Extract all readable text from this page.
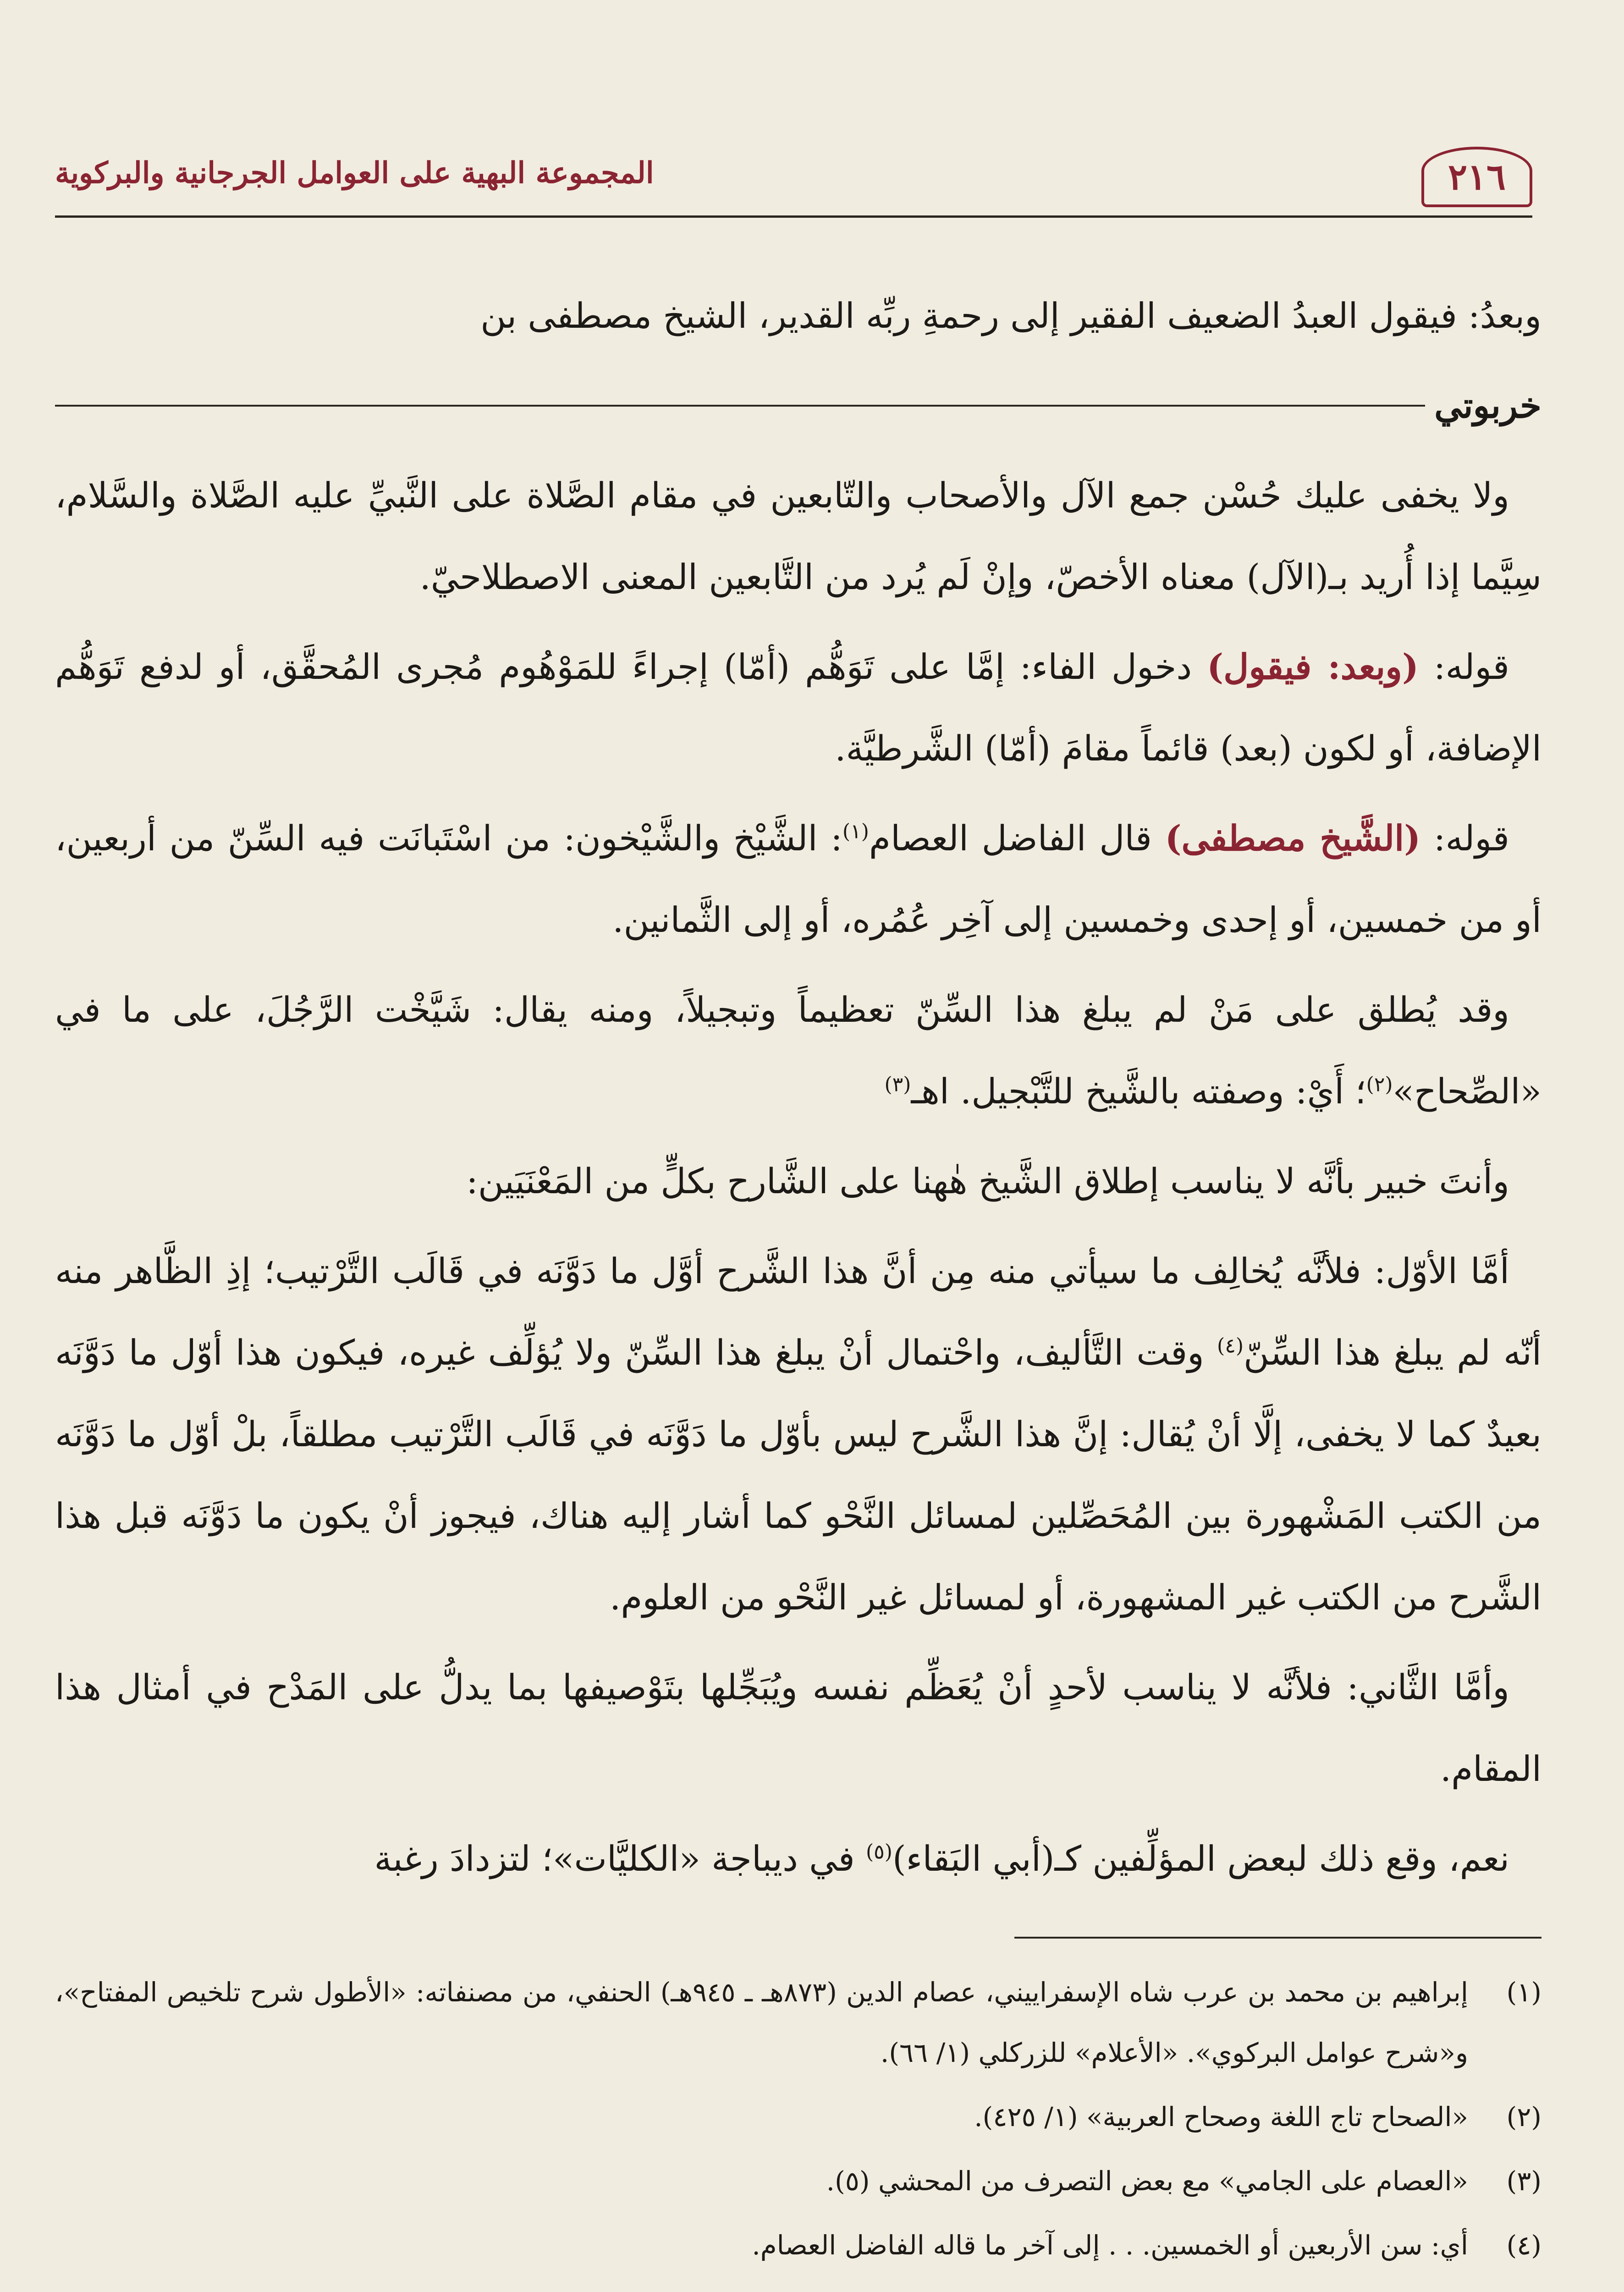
٢١٦
المجموعة البهية على العوامل الجرجانية والبركوية

وبعدُ: فيقول العبدُ الضعيف الفقير إلى رحمةِ ربِّه القدير، الشيخ مصطفى بن

خربوتي

ولا يخفى عليك حُسْن جمع الآل والأصحاب والتّابعين في مقام الصَّلاة على النَّبيِّ عليه الصَّلاة والسَّلام، سِيَّما إذا أُريد بـ(الآل) معناه الأخصّ، وإنْ لَم يُرد من التَّابعين المعنى الاصطلاحيّ.

قوله: (وبعد: فيقول) دخول الفاء: إمَّا على تَوَهُّم (أمّا) إجراءً للمَوْهُوم مُجرى المُحقَّق، أو لدفع تَوَهُّم الإضافة، أو لكون (بعد) قائماً مقامَ (أمّا) الشَّرطيَّة.

قوله: (الشَّيخ مصطفى) قال الفاضل العصام$^{(١)}$: الشَّيْخ والشَّيْخون: من اسْتَبانَت فيه السِّنّ من أربعين، أو من خمسين، أو إحدى وخمسين إلى آخِر عُمُره، أو إلى الثَّمانين.

وقد يُطلق على مَنْ لم يبلغ هذا السِّنّ تعظيماً وتبجيلاً، ومنه يقال: شَيَّخْت الرَّجُلَ، على ما في «الصِّحاح»$^{(٢)}$؛ أَيْ: وصفته بالشَّيخ للتَّبْجيل. اهـ$^{(٣)}$

وأنتَ خبير بأنَّه لا يناسب إطلاق الشَّيخ هٰهنا على الشَّارح بكلٍّ من المَعْنَيَين:

أمَّا الأوّل: فلأنَّه يُخالِف ما سيأتي منه مِن أنَّ هذا الشَّرح أوَّل ما دَوَّنَه في قَالَب التَّرْتيب؛ إذِ الظَّاهر منه أنّه لم يبلغ هذا السِّنّ$^{(٤)}$ وقت التَّأليف، واحْتمال أنْ يبلغ هذا السِّنّ ولا يُؤلِّف غيره، فيكون هذا أوّل ما دَوَّنَه بعيدٌ كما لا يخفى، إلَّا أنْ يُقال: إنَّ هذا الشَّرح ليس بأوّل ما دَوَّنَه في قَالَب التَّرْتيب مطلقاً، بلْ أوّل ما دَوَّنَه من الكتب المَشْهورة بين المُحَصِّلين لمسائل النَّحْو كما أشار إليه هناك، فيجوز أنْ يكون ما دَوَّنَه قبل هذا الشَّرح من الكتب غير المشهورة، أو لمسائل غير النَّحْو من العلوم.

وأمَّا الثَّاني: فلأنَّه لا يناسب لأحدٍ أنْ يُعَظِّم نفسه ويُبَجِّلها بتَوْصيفها بما يدلُّ على المَدْح في أمثال هذا المقام.

نعم، وقع ذلك لبعض المؤلِّفين كـ(أبي البَقاء)$^{(٥)}$ في ديباجة «الكليَّات»؛ لتزدادَ رغبة

(١)
إبراهيم بن محمد بن عرب شاه الإسفراييني، عصام الدين (٨٧٣هـ ـ ٩٤٥هـ) الحنفي، من مصنفاته: «الأطول شرح تلخيص المفتاح»، و«شرح عوامل البركوي». «الأعلام» للزركلي (١/ ٦٦).
(٢)
«الصحاح تاج اللغة وصحاح العربية» (١/ ٤٢٥).
(٣)
«العصام على الجامي» مع بعض التصرف من المحشي (٥).
(٤)
أي: سن الأربعين أو الخمسين. . . إلى آخر ما قاله الفاضل العصام.
